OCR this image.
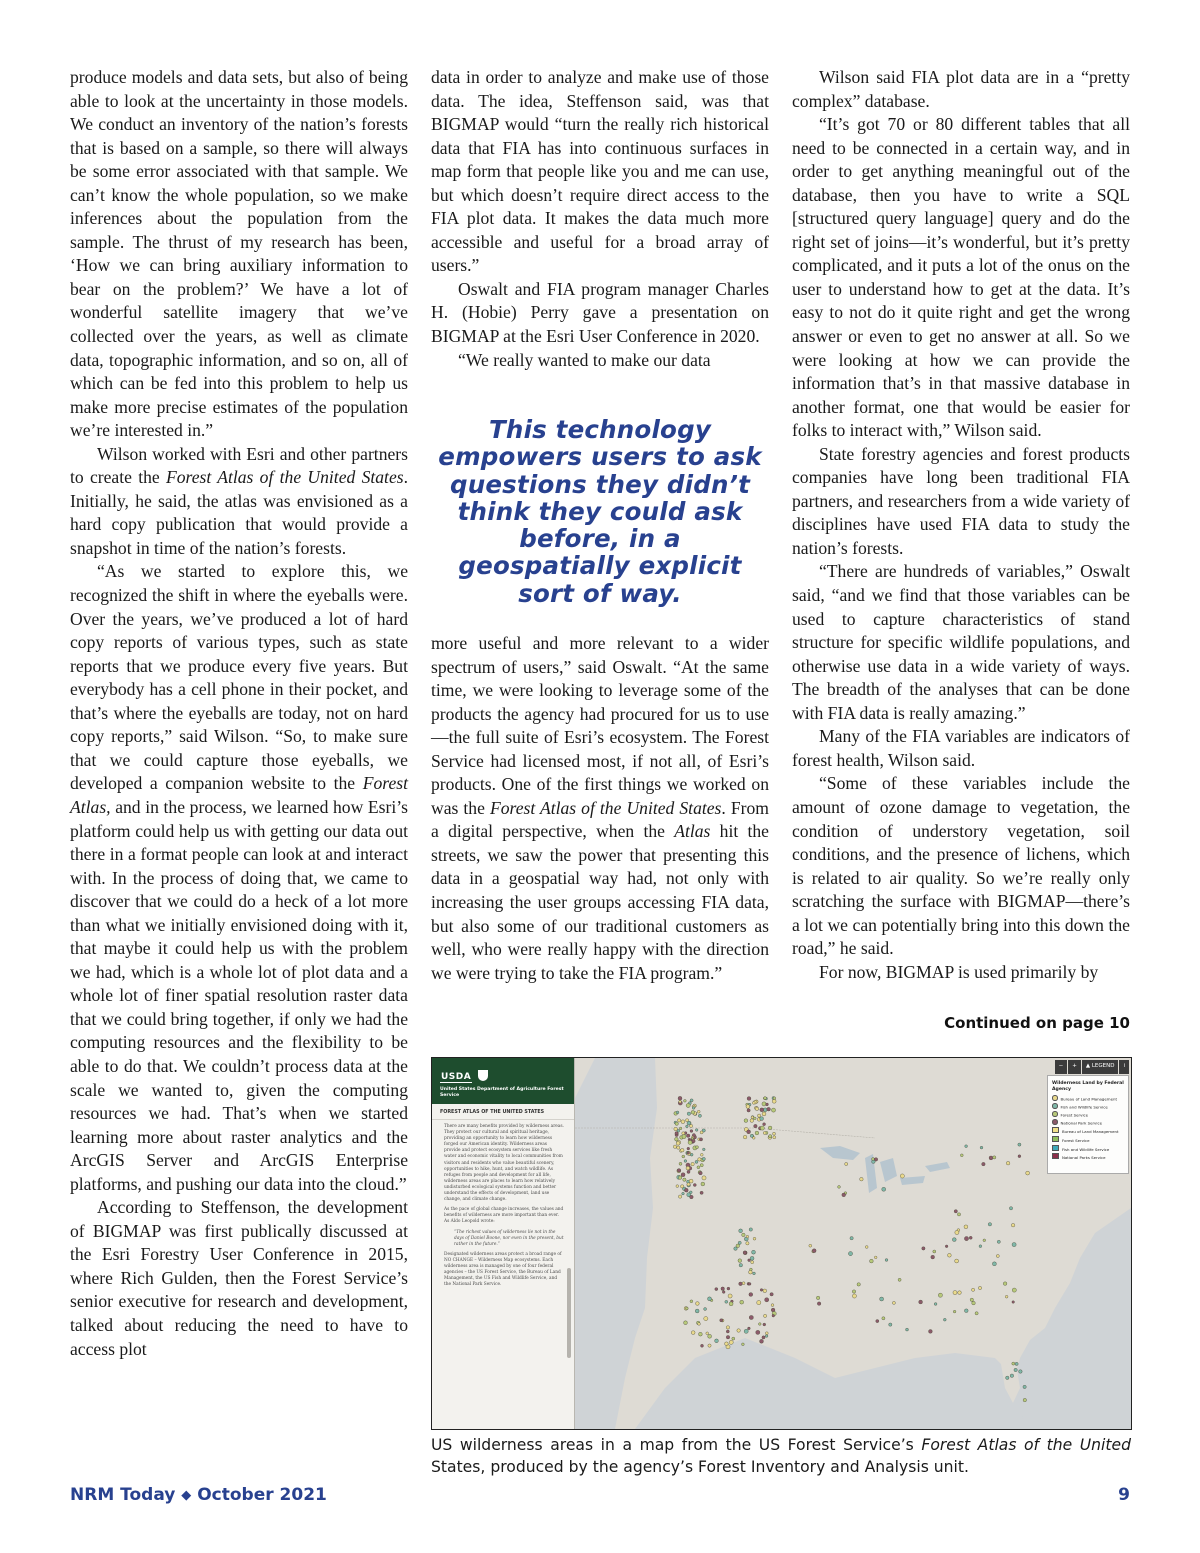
produce models and data sets, but also of being able to look at the uncertainty in those models. We conduct an inventory of the nation’s forests that is based on a sample, so there will always be some error associated with that sample. We can’t know the whole population, so we make inferences about the population from the sample. The thrust of my research has been, ‘How we can bring auxiliary information to bear on the problem?’ We have a lot of wonderful satellite imagery that we’ve collected over the years, as well as climate data, topographic information, and so on, all of which can be fed into this problem to help us make more precise estimates of the population we’re interested in.”

Wilson worked with Esri and other partners to create the Forest Atlas of the United States. Initially, he said, the atlas was envisioned as a hard copy publication that would provide a snapshot in time of the nation’s forests.

“As we started to explore this, we recognized the shift in where the eyeballs were. Over the years, we’ve produced a lot of hard copy reports of various types, such as state reports that we produce every five years. But everybody has a cell phone in their pocket, and that’s where the eyeballs are today, not on hard copy reports,” said Wilson. “So, to make sure that we could capture those eyeballs, we developed a companion website to the Forest Atlas, and in the process, we learned how Esri’s platform could help us with getting our data out there in a format people can look at and interact with. In the process of doing that, we came to discover that we could do a heck of a lot more than what we initially envisioned doing with it, that maybe it could help us with the problem we had, which is a whole lot of plot data and a whole lot of finer spatial resolution raster data that we could bring together, if only we had the computing resources and the flexibility to be able to do that. We couldn’t process data at the scale we wanted to, given the computing resources we had. That’s when we started learning more about raster analytics and the ArcGIS Server and ArcGIS Enterprise platforms, and pushing our data into the cloud.”

According to Steffenson, the development of BIGMAP was first publically discussed at the Esri Forestry User Conference in 2015, where Rich Gulden, then the Forest Service’s senior executive for research and development, talked about reducing the need to have to access plot

data in order to analyze and make use of those data. The idea, Steffenson said, was that BIGMAP would “turn the really rich historical data that FIA has into continuous surfaces in map form that people like you and me can use, but which doesn’t require direct access to the FIA plot data. It makes the data much more accessible and useful for a broad array of users.”

Oswalt and FIA program manager Charles H. (Hobie) Perry gave a presentation on BIGMAP at the Esri User Conference in 2020.

“We really wanted to make our data

This technology empowers users to ask questions they didn’t think they could ask before, in a geospatially explicit sort of way.

more useful and more relevant to a wider spectrum of users,” said Oswalt. “At the same time, we were looking to leverage some of the products the agency had procured for us to use—the full suite of Esri’s ecosystem. The Forest Service had licensed most, if not all, of Esri’s products. One of the first things we worked on was the Forest Atlas of the United States. From a digital perspective, when the Atlas hit the streets, we saw the power that presenting this data in a geospatial way had, not only with increasing the user groups accessing FIA data, but also some of our traditional customers as well, who were really happy with the direction we were trying to take the FIA program.”

Wilson said FIA plot data are in a “pretty complex” database.

“It’s got 70 or 80 different tables that all need to be connected in a certain way, and in order to get anything meaningful out of the database, then you have to write a SQL [structured query language] query and do the right set of joins—it’s wonderful, but it’s pretty complicated, and it puts a lot of the onus on the user to understand how to get at the data. It’s easy to not do it quite right and get the wrong answer or even to get no answer at all. So we were looking at how we can provide the information that’s in that massive database in another format, one that would be easier for folks to interact with,” Wilson said.

State forestry agencies and forest products companies have long been traditional FIA partners, and researchers from a wide variety of disciplines have used FIA data to study the nation’s forests.

“There are hundreds of variables,” Oswalt said, “and we find that those variables can be used to capture characteristics of stand structure for specific wildlife populations, and otherwise use data in a wide variety of ways. The breadth of the analyses that can be done with FIA data is really amazing.”

Many of the FIA variables are indicators of forest health, Wilson said.

“Some of these variables include the amount of ozone damage to vegetation, the condition of understory vegetation, soil conditions, and the presence of lichens, which is related to air quality. So we’re really only scratching the surface with BIGMAP—there’s a lot we can potentially bring into this down the road,” he said.

For now, BIGMAP is used primarily by

Continued on page 10
USDA
United States Department of Agriculture Forest Service
FOREST ATLAS OF THE UNITED STATES

There are many benefits provided by wilderness areas. They protect our cultural and spiritual heritage, providing an opportunity to learn how wilderness forged our American identity. Wilderness areas provide and protect ecosystem services like fresh water and economic vitality to local communities from visitors and residents who value beautiful scenery, opportunities to hike, hunt, and watch wildlife. As refuges from people and development for all life, wilderness areas are places to learn how relatively undisturbed ecological systems function and better understand the effects of development, land use change, and climate change.

As the pace of global change increases, the values and benefits of wilderness are more important than ever. As Aldo Leopold wrote:

“The richest values of wilderness lie not in the days of Daniel Boone, nor even in the present, but rather in the future.”

Designated wilderness areas protect a broad range of NO CHANGE – Wilderness Map ecosystems. Each wilderness area is managed by one of four federal agencies – the US Forest Service, the Bureau of Land Management, the US Fish and Wildlife Service, and the National Park Service.

−	+	▲ LEGEND	i
Wilderness Land by Federal Agency
Bureau of Land Management
Fish and Wildlife Service
Forest Service
National Park Service
Bureau of Land Management
Forest Service
Fish and Wildlife Service
National Parks Service
US wilderness areas in a map from the US Forest Service’s Forest Atlas of the United States, produced by the agency’s Forest Inventory and Analysis unit.
NRM Today ◆ October 2021	9
